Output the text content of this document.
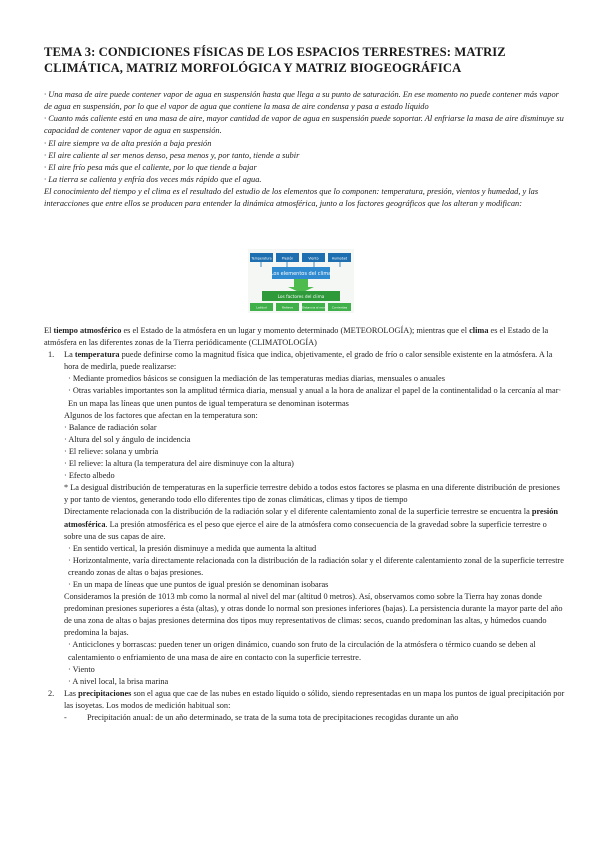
TEMA 3: CONDICIONES FÍSICAS DE LOS ESPACIOS TERRESTRES: MATRIZ CLIMÁTICA, MATRIZ MORFOLÓGICA Y MATRIZ BIOGEOGRÁFICA

· Una masa de aire puede contener vapor de agua en suspensión hasta que llega a su punto de saturación. En ese momento no puede contener más vapor de agua en suspensión, por lo que el vapor de agua que contiene la masa de aire condensa y pasa a estado líquido

· Cuanto más caliente está en una masa de aire, mayor cantidad de vapor de agua en suspensión puede soportar. Al enfriarse la masa de aire disminuye su capacidad de contener vapor de agua en suspensión.

· El aire siempre va de alta presión a baja presión

· El aire caliente al ser menos denso, pesa menos y, por tanto, tiende a subir

· El aire frío pesa más que el caliente, por lo que tiende a bajar

· La tierra se calienta y enfría dos veces más rápido que el agua.

El conocimiento del tiempo y el clima es el resultado del estudio de los elementos que lo componen: temperatura, presión, vientos y humedad, y las interacciones que entre ellos se producen para entender la dinámica atmosférica, junto a los factores geográficos que los alteran y modifican:

Temperatura	Presión	Viento	Humedad
Los elementos del clima
Los factores del clima
Latitud	Relieve	Distancia al mar Corrientes

El tiempo atmosférico es el Estado de la atmósfera en un lugar y momento determinado (METEOROLOGÍA); mientras que el clima es el Estado de la atmósfera en las diferentes zonas de la Tierra periódicamente (CLIMATOLOGÍA)

1.	La temperatura puede definirse como la magnitud física que indica, objetivamente, el grado de frío o calor sensible existente en la atmósfera. A la hora de medirla, puede realizarse:

· Mediante promedios básicos se consiguen la mediación de las temperaturas medias diarias, mensuales o anuales

· Otras variables importantes son la amplitud térmica diaria, mensual y anual a la hora de analizar el papel de la continentalidad o la cercanía al mar· En un mapa las líneas que unen puntos de igual temperatura se denominan isotermas

Algunos de los factores que afectan en la temperatura son:

· Balance de radiación solar

· Altura del sol y ángulo de incidencia

· El relieve: solana y umbría

· El relieve: la altura (la temperatura del aire disminuye con la altura)

· Efecto albedo

* La desigual distribución de temperaturas en la superficie terrestre debido a todos estos factores se plasma en una diferente distribución de presiones y por tanto de vientos, generando todo ello diferentes tipo de zonas climáticas, climas y tipos de tiempo

Directamente relacionada con la distribución de la radiación solar y el diferente calentamiento zonal de la superficie terrestre se encuentra la presión atmosférica. La presión atmosférica es el peso que ejerce el aire de la atmósfera como consecuencia de la gravedad sobre la superficie terrestre o sobre una de sus capas de aire.

· En sentido vertical, la presión disminuye a medida que aumenta la altitud

· Horizontalmente, varía directamente relacionada con la distribución de la radiación solar y el diferente calentamiento zonal de la superficie terrestre creando zonas de altas o bajas presiones.

· En un mapa de líneas que une puntos de igual presión se denominan isobaras

Consideramos la presión de 1013 mb como la normal al nivel del mar (altitud 0 metros). Así, observamos como sobre la Tierra hay zonas donde predominan presiones superiores a ésta (altas), y otras donde lo normal son presiones inferiores (bajas). La persistencia durante la mayor parte del año de una zona de altas o bajas presiones determina dos tipos muy representativos de climas: secos, cuando predominan las altas, y húmedos cuando predomina la bajas.

· Anticiclones y borrascas: pueden tener un origen dinámico, cuando son fruto de la circulación de la atmósfera o térmico cuando se deben al calentamiento o enfriamiento de una masa de aire en contacto con la superficie terrestre.

· Viento

· A nivel local, la brisa marina

2.	Las precipitaciones son el agua que cae de las nubes en estado líquido o sólido, siendo representadas en un mapa los puntos de igual precipitación por las isoyetas. Los modos de medición habitual son:
-	Precipitación anual: de un año determinado, se trata de la suma tota de precipitaciones recogidas durante un año
